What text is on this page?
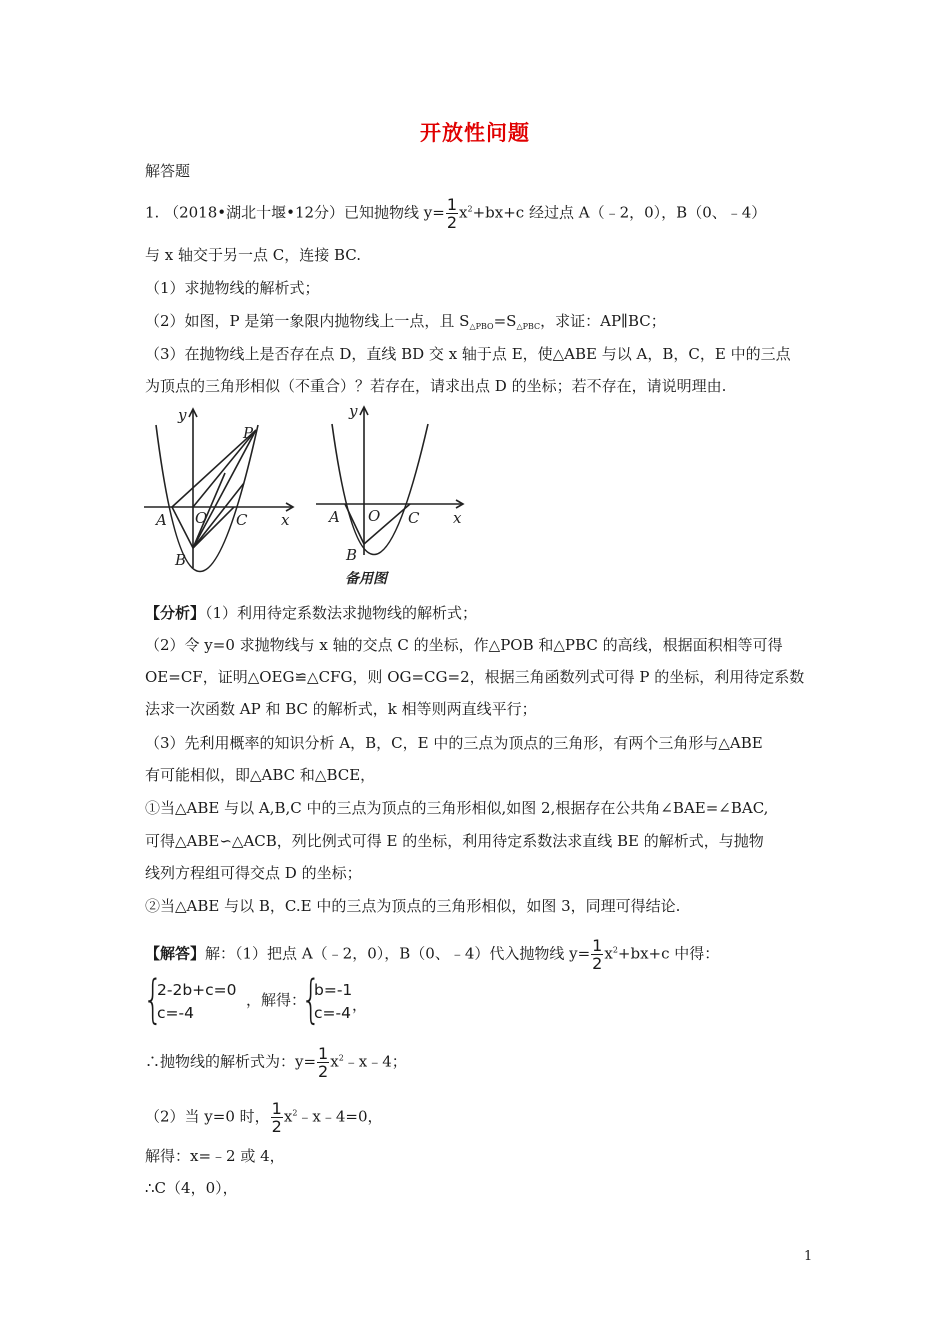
开放性问题
解答题
1. （2018•湖北十堰•12分）已知抛物线 $y= \frac{1}{2} x^2+bx+c$ 经过点 A（﹣2，0），B（0、﹣4）
与 x 轴交于另一点 C，连接 BC.
（1）求抛物线的解析式；
（2）如图，P 是第一象限内抛物线上一点，且 $S_{\triangle PBO}=S_{\triangle PBC}$，求证：AP∥BC；
（3）在抛物线上是否存在点 D，直线 BD 交 x 轴于点 E，使△ABE 与以 A，B，C，E 中的三点
为顶点的三角形相似（不重合）？若存在，请求出点 D 的坐标；若不存在，请说明理由.
y
P
A O C x
B
y
A O C x
B
备用图
【分析】（1）利用待定系数法求抛物线的解析式；
（2）令 y=0 求抛物线与 x 轴的交点 C 的坐标，作△POB 和△PBC 的高线，根据面积相等可得
OE=CF，证明△OEG≌△CFG，则 OG=CG=2，根据三角函数列式可得 P 的坐标，利用待定系数
法求一次函数 AP 和 BC 的解析式，k 相等则两直线平行；
（3）先利用概率的知识分析 A，B，C，E 中的三点为顶点的三角形，有两个三角形与△ABE
有可能相似，即△ABC 和△BCE，
①当△ABE 与以 A,B,C 中的三点为顶点的三角形相似,如图 2,根据存在公共角∠BAE=∠BAC,
可得△ABE∽△ACB，列比例式可得 E 的坐标，利用待定系数法求直线 BE 的解析式，与抛物
线列方程组可得交点 D 的坐标；
②当△ABE 与以 B，C.E 中的三点为顶点的三角形相似，如图 3，同理可得结论.
【解答】解：（1）把点 A（﹣2，0），B（0、﹣4）代入抛物线 $y= \frac{1}{2} x^2+bx+c$ 中得：
{
2-2b+c=0
c=-4
，解得：
{
b=-1
c=-4 ，
∴抛物线的解析式为：$y= \frac{1}{2}$ $x^2﹣x﹣4$；
（2）当 y=0 时， $\frac{1}{2}$ $x^2﹣x﹣4=0$，
解得：x=﹣2 或 4，
∴C（4，0），
1
